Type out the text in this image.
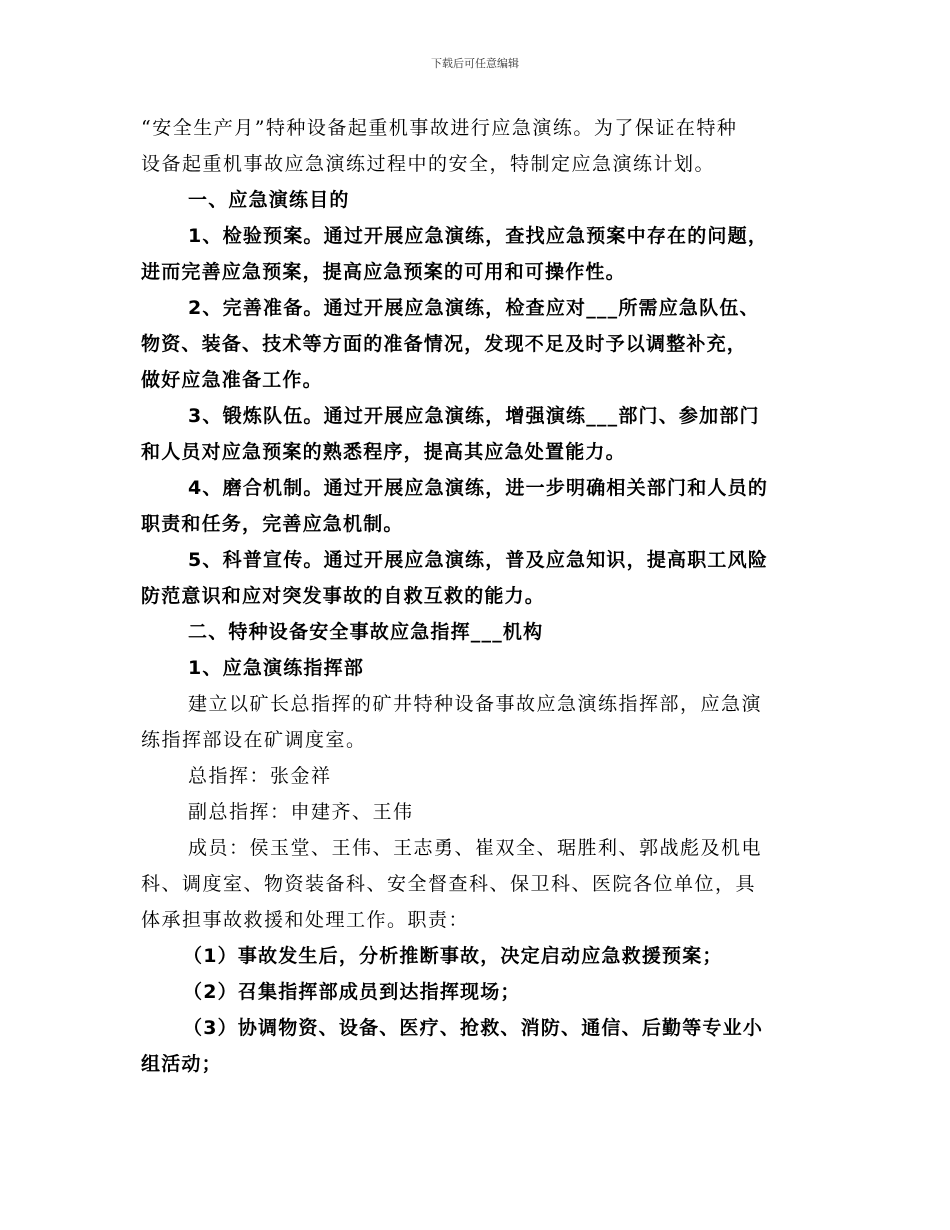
下载后可任意编辑
“安全生产月”特种设备起重机事故进行应急演练。为了保证在特种
设备起重机事故应急演练过程中的安全，特制定应急演练计划。
一、应急演练目的
1、检验预案。通过开展应急演练，查找应急预案中存在的问题，
进而完善应急预案，提高应急预案的可用和可操作性。
2、完善准备。通过开展应急演练，检查应对___所需应急队伍、
物资、装备、技术等方面的准备情况，发现不足及时予以调整补充，
做好应急准备工作。
3、锻炼队伍。通过开展应急演练，增强演练___部门、参加部门
和人员对应急预案的熟悉程序，提高其应急处置能力。
4、磨合机制。通过开展应急演练，进一步明确相关部门和人员的
职责和任务，完善应急机制。
5、科普宣传。通过开展应急演练，普及应急知识，提高职工风险
防范意识和应对突发事故的自救互救的能力。
二、特种设备安全事故应急指挥___机构
1、应急演练指挥部
建立以矿长总指挥的矿井特种设备事故应急演练指挥部，应急演
练指挥部设在矿调度室。
总指挥：张金祥
副总指挥：申建齐、王伟
成员：侯玉堂、王伟、王志勇、崔双全、琚胜利、郭战彪及机电
科、调度室、物资装备科、安全督查科、保卫科、医院各位单位，具
体承担事故救援和处理工作。职责：
（1）事故发生后，分析推断事故，决定启动应急救援预案；
（2）召集指挥部成员到达指挥现场；
（3）协调物资、设备、医疗、抢救、消防、通信、后勤等专业小
组活动；
